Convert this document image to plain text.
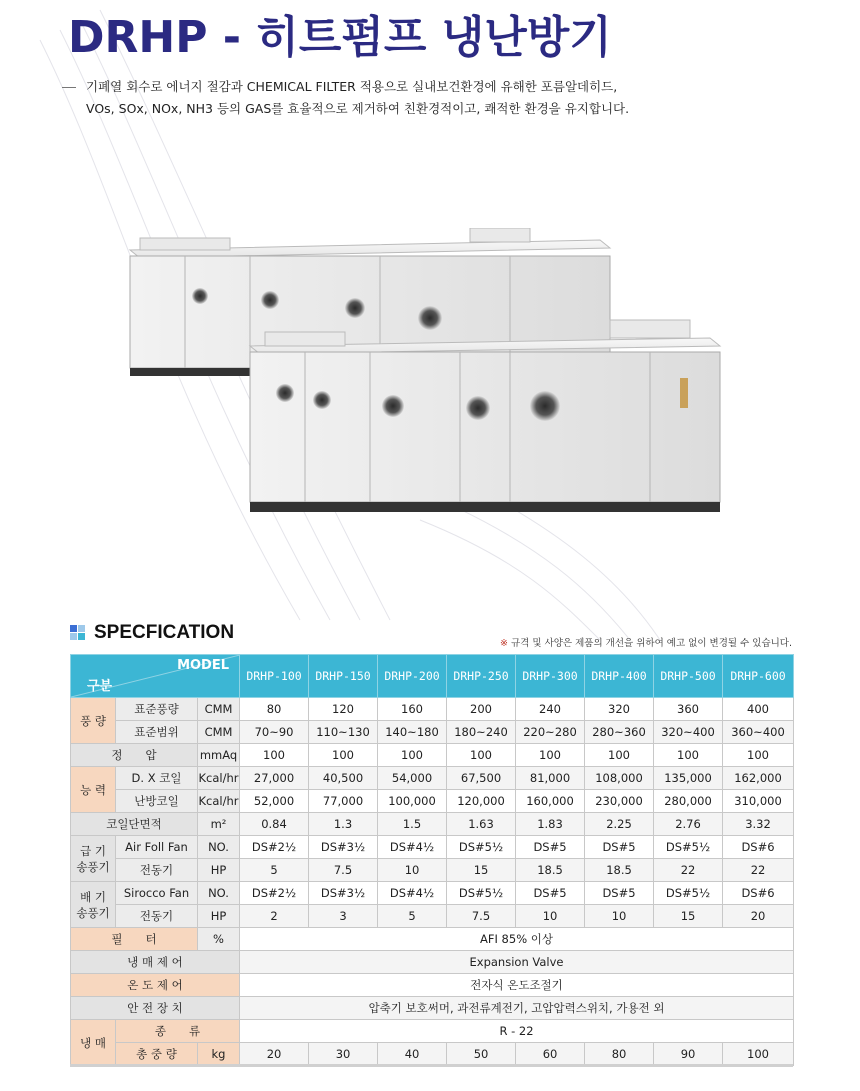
DRHP - 히트펌프 냉난방기
기폐열 회수로 에너지 절감과 CHEMICAL FILTER 적용으로 실내보건환경에 유해한 포름알데히드,
VOs, SOx, NOx, NH3 등의 GAS를 효율적으로 제거하여 친환경적이고, 쾌적한 환경을 유지합니다.
SPECFICATION
※ 규격 및 사양은 제품의 개선을 위하여 예고 없이 변경될 수 있습니다.
MODEL
구분			DRHP-100	DRHP-150	DRHP-200	DRHP-250	DRHP-300	DRHP-400	DRHP-500	DRHP-600
풍 량	표준풍량	CMM	80	120	160	200	240	320	360	400
	표준범위	CMM	70~90	110~130	140~180	180~240	220~280	280~360	320~400	360~400
정　　압		mmAq	100	100	100	100	100	100	100	100
능 력	D. X 코일	Kcal/hr	27,000	40,500	54,000	67,500	81,000	108,000	135,000	162,000
	난방코일	Kcal/hr	52,000	77,000	100,000	120,000	160,000	230,000	280,000	310,000
코일단면적		m²	0.84	1.3	1.5	1.63	1.83	2.25	2.76	3.32
급 기
송풍기	Air Foll Fan	NO.	DS#2½	DS#3½	DS#4½	DS#5½	DS#5	DS#5	DS#5½	DS#6
	전동기	HP	5	7.5	10	15	18.5	18.5	22	22
배 기
송풍기	Sirocco Fan	NO.	DS#2½	DS#3½	DS#4½	DS#5½	DS#5	DS#5	DS#5½	DS#6
	전동기	HP	2	3	5	7.5	10	10	15	20
필　　터		%	AFI 85% 이상							
냉 매 제 어			Expansion Valve							
온 도 제 어			전자식 온도조절기							
안 전 장 치			압축기 보호써머, 과전류계전기, 고압압력스위치, 가용전 외							
냉 매	종　　류		R - 22							
	총 중 량	kg	20	30	40	50	60	80	90	100
